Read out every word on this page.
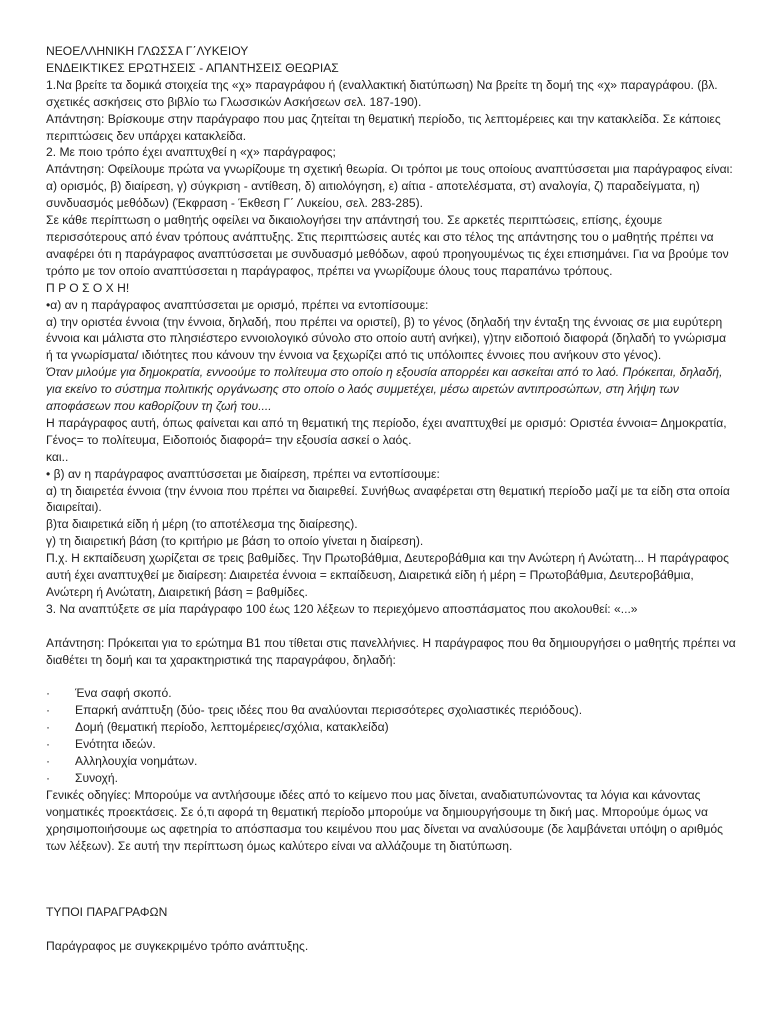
ΝΕΟΕΛΛΗΝΙΚΗ ΓΛΩΣΣΑ Γ΄ΛΥΚΕΙΟΥ
ΕΝΔΕΙΚΤΙΚΕΣ ΕΡΩΤΗΣΕΙΣ - ΑΠΑΝΤΗΣΕΙΣ ΘΕΩΡΙΑΣ
1.Να βρείτε τα δομικά στοιχεία της «χ» παραγράφου ή (εναλλακτική διατύπωση) Να βρείτε τη δομή της «χ» παραγράφου. (βλ. σχετικές ασκήσεις στο βιβλίο τω Γλωσσικών Ασκήσεων σελ. 187-190).
Απάντηση: Βρίσκουμε στην παράγραφο που μας ζητείται τη θεματική περίοδο, τις λεπτομέρειες και την κατακλείδα. Σε κάποιες περιπτώσεις δεν υπάρχει κατακλείδα.
2. Με ποιο τρόπο έχει αναπτυχθεί η «χ» παράγραφος;
Απάντηση: Οφείλουμε πρώτα να γνωρίζουμε τη σχετική θεωρία. Οι τρόποι με τους οποίους αναπτύσσεται μια παράγραφος είναι: α) ορισμός, β) διαίρεση, γ) σύγκριση - αντίθεση, δ) αιτιολόγηση, ε) αίτια - αποτελέσματα, στ) αναλογία, ζ) παραδείγματα, η) συνδυασμός μεθόδων) (Έκφραση - Έκθεση Γ΄ Λυκείου, σελ. 283-285).
Σε κάθε περίπτωση ο μαθητής οφείλει να δικαιολογήσει την απάντησή του. Σε αρκετές περιπτώσεις, επίσης, έχουμε περισσότερους από έναν τρόπους ανάπτυξης. Στις περιπτώσεις αυτές και στο τέλος της απάντησης του ο μαθητής πρέπει να αναφέρει ότι η παράγραφος αναπτύσσεται με συνδυασμό μεθόδων, αφού προηγουμένως τις έχει επισημάνει. Για να βρούμε τον τρόπο με τον οποίο αναπτύσσεται η παράγραφος, πρέπει να γνωρίζουμε όλους τους παραπάνω τρόπους.
Π Ρ Ο Σ Ο Χ Η!
•α) αν η παράγραφος αναπτύσσεται με ορισμό, πρέπει να εντοπίσουμε:
α) την οριστέα έννοια (την έννοια, δηλαδή, που πρέπει να οριστεί), β) το γένος (δηλαδή την ένταξη της έννοιας σε μια ευρύτερη έννοια και μάλιστα στο πλησιέστερο εννοιολογικό σύνολο στο οποίο αυτή ανήκει), γ)την ειδοποιό διαφορά (δηλαδή το γνώρισμα ή τα γνωρίσματα/ ιδιότητες που κάνουν την έννοια να ξεχωρίζει από τις υπόλοιπες έννοιες που ανήκουν στο γένος).
Όταν μιλούμε για δημοκρατία, εννοούμε το πολίτευμα στο οποίο η εξουσία απορρέει και ασκείται από το λαό. Πρόκειται, δηλαδή, για εκείνο το σύστημα πολιτικής οργάνωσης στο οποίο ο λαός συμμετέχει, μέσω αιρετών αντιπροσώπων, στη λήψη των αποφάσεων που καθορίζουν τη ζωή του....
Η παράγραφος αυτή, όπως φαίνεται και από τη θεματική της περίοδο, έχει αναπτυχθεί με ορισμό: Οριστέα έννοια= Δημοκρατία, Γένος= το πολίτευμα, Ειδοποιός διαφορά= την εξουσία ασκεί ο λαός.
και..
• β) αν η παράγραφος αναπτύσσεται με διαίρεση, πρέπει να εντοπίσουμε:
α) τη διαιρετέα έννοια (την έννοια που πρέπει να διαιρεθεί. Συνήθως αναφέρεται στη θεματική περίοδο μαζί με τα είδη στα οποία διαιρείται).
β)τα διαιρετικά είδη ή μέρη (το αποτέλεσμα της διαίρεσης).
γ) τη διαιρετική βάση (το κριτήριο με βάση το οποίο γίνεται η διαίρεση).
Π.χ. Η εκπαίδευση χωρίζεται σε τρεις βαθμίδες. Την Πρωτοβάθμια, Δευτεροβάθμια και την Ανώτερη ή Ανώτατη... Η παράγραφος αυτή έχει αναπτυχθεί με διαίρεση: Διαιρετέα έννοια = εκπαίδευση, Διαιρετικά είδη ή μέρη = Πρωτοβάθμια, Δευτεροβάθμια, Ανώτερη ή Ανώτατη, Διαιρετική βάση = βαθμίδες.
3. Να αναπτύξετε σε μία παράγραφο 100 έως 120 λέξεων το περιεχόμενο αποσπάσματος που ακολουθεί: «...»
Απάντηση: Πρόκειται για το ερώτημα Β1 που τίθεται στις πανελλήνιες. Η παράγραφος που θα δημιουργήσει ο μαθητής πρέπει να διαθέτει τη δομή και τα χαρακτηριστικά της παραγράφου, δηλαδή:
· Ένα σαφή σκοπό.
· Επαρκή ανάπτυξη (δύο- τρεις ιδέες που θα αναλύονται περισσότερες σχολιαστικές περιόδους).
· Δομή (θεματική περίοδο, λεπτομέρειες/σχόλια, κατακλείδα)
· Ενότητα ιδεών.
· Αλληλουχία νοημάτων.
· Συνοχή.
Γενικές οδηγίες: Μπορούμε να αντλήσουμε ιδέες από το κείμενο που μας δίνεται, αναδιατυπώνοντας τα λόγια και κάνοντας νοηματικές προεκτάσεις. Σε ό,τι αφορά τη θεματική περίοδο μπορούμε να δημιουργήσουμε τη δική μας. Μπορούμε όμως να χρησιμοποιήσουμε ως αφετηρία το απόσπασμα του κειμένου που μας δίνεται να αναλύσουμε (δε λαμβάνεται υπόψη ο αριθμός των λέξεων). Σε αυτή την περίπτωση όμως καλύτερο είναι να αλλάζουμε τη διατύπωση.
ΤΥΠΟΙ ΠΑΡΑΓΡΑΦΩΝ
Παράγραφος με συγκεκριμένο τρόπο ανάπτυξης.
